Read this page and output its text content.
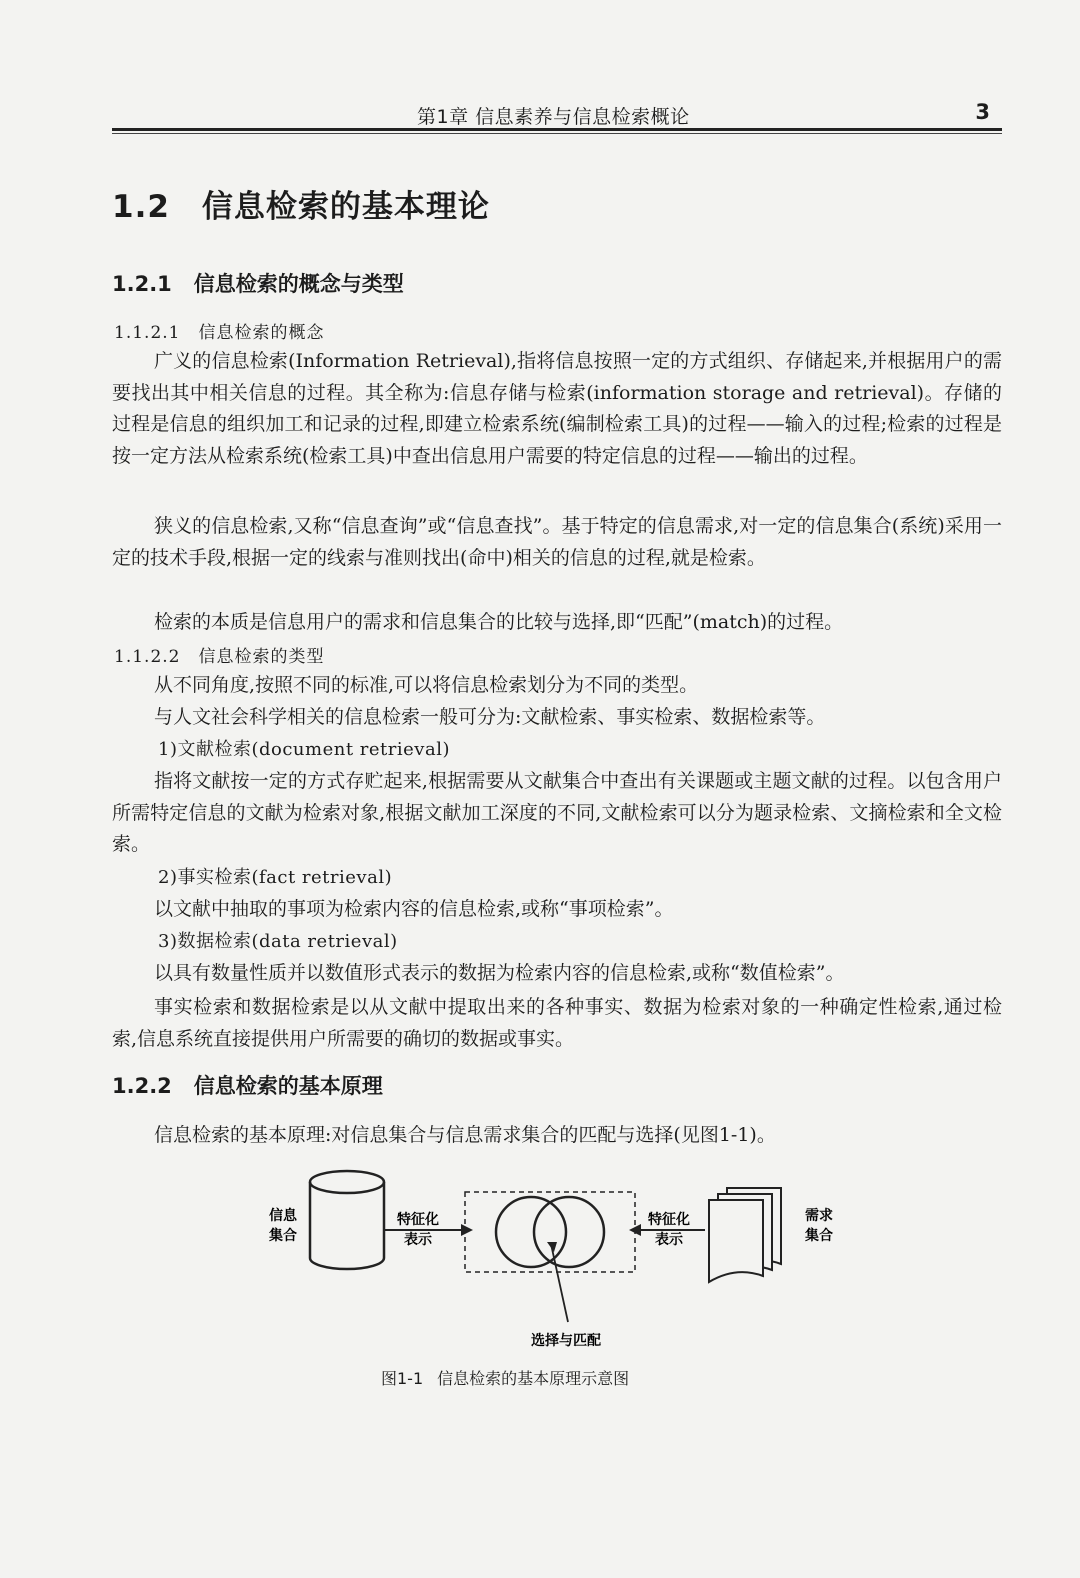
第1章 信息素养与信息检索概论	3
1.2 信息检索的基本理论
1.2.1 信息检索的概念与类型
1.1.2.1 信息检索的概念

广义的信息检索(Information Retrieval),指将信息按照一定的方式组织、存储起来,并根据用户的需要找出其中相关信息的过程。其全称为:信息存储与检索(information storage and retrieval)。存储的过程是信息的组织加工和记录的过程,即建立检索系统(编制检索工具)的过程——输入的过程;检索的过程是按一定方法从检索系统(检索工具)中查出信息用户需要的特定信息的过程——输出的过程。

狭义的信息检索,又称“信息查询”或“信息查找”。基于特定的信息需求,对一定的信息集合(系统)采用一定的技术手段,根据一定的线索与准则找出(命中)相关的信息的过程,就是检索。

检索的本质是信息用户的需求和信息集合的比较与选择,即“匹配”(match)的过程。
1.1.2.2 信息检索的类型
从不同角度,按照不同的标准,可以将信息检索划分为不同的类型。
与人文社会科学相关的信息检索一般可分为:文献检索、事实检索、数据检索等。
1)文献检索(document retrieval)

指将文献按一定的方式存贮起来,根据需要从文献集合中查出有关课题或主题文献的过程。以包含用户所需特定信息的文献为检索对象,根据文献加工深度的不同,文献检索可以分为题录检索、文摘检索和全文检索。

2)事实检索(fact retrieval)
以文献中抽取的事项为检索内容的信息检索,或称“事项检索”。
3)数据检索(data retrieval)
以具有数量性质并以数值形式表示的数据为检索内容的信息检索,或称“数值检索”。

事实检索和数据检索是以从文献中提取出来的各种事实、数据为检索对象的一种确定性检索,通过检索,信息系统直接提供用户所需要的确切的数据或事实。

1.2.2 信息检索的基本原理
信息检索的基本原理:对信息集合与信息需求集合的匹配与选择(见图1-1)。
信息
集合
特征化
表示
特征化
表示
需求
集合
选择与匹配
图1-1 信息检索的基本原理示意图
